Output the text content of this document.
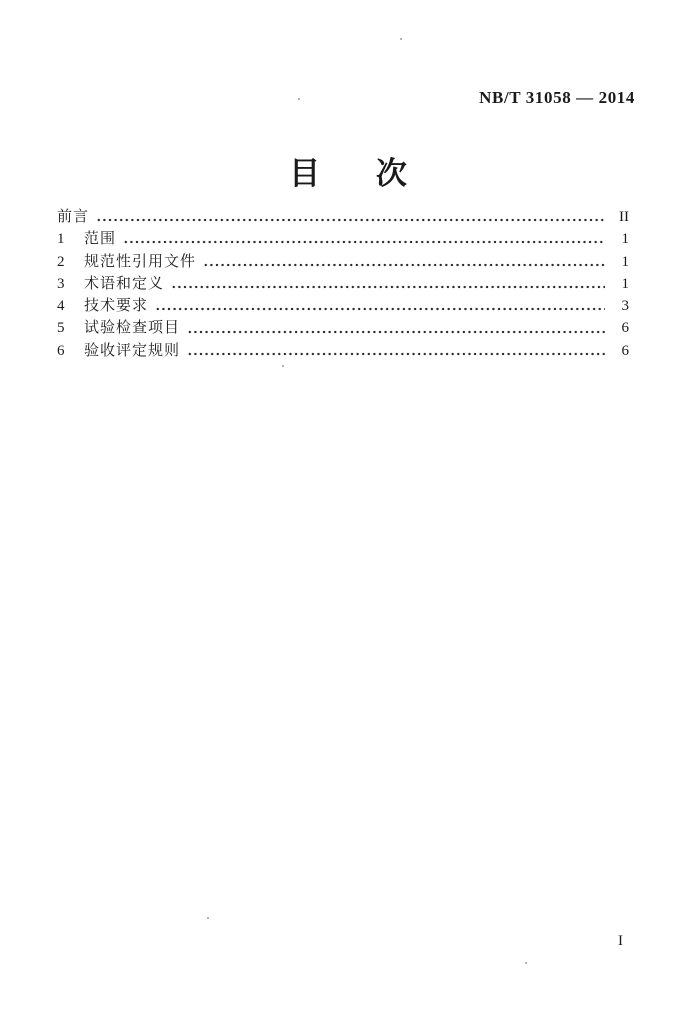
NB/T 31058 — 2014
目 次
前言	II
1	范围	1
2	规范性引用文件	1
3	术语和定义	1
4	技术要求	3
5	试验检查项目	6
6	验收评定规则	6
I
